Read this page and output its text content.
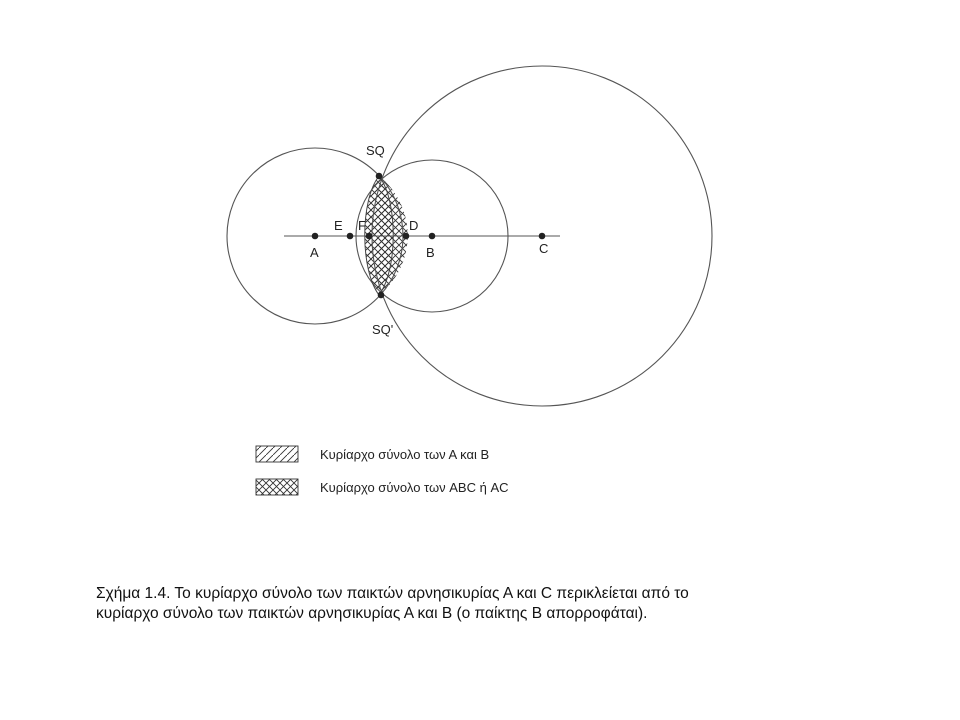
SQ
E F	D
A	B	C
SQ'
Κυρίαρχο σύνολο των Α και Β
Κυρίαρχο σύνολο των ABC ή AC
Σχήμα 1.4. Το κυρίαρχο σύνολο των παικτών αρνησικυρίας Α και C περικλείεται από το
κυρίαρχο σύνολο των παικτών αρνησικυρίας Α και Β (ο παίκτης Β απορροφάται).
